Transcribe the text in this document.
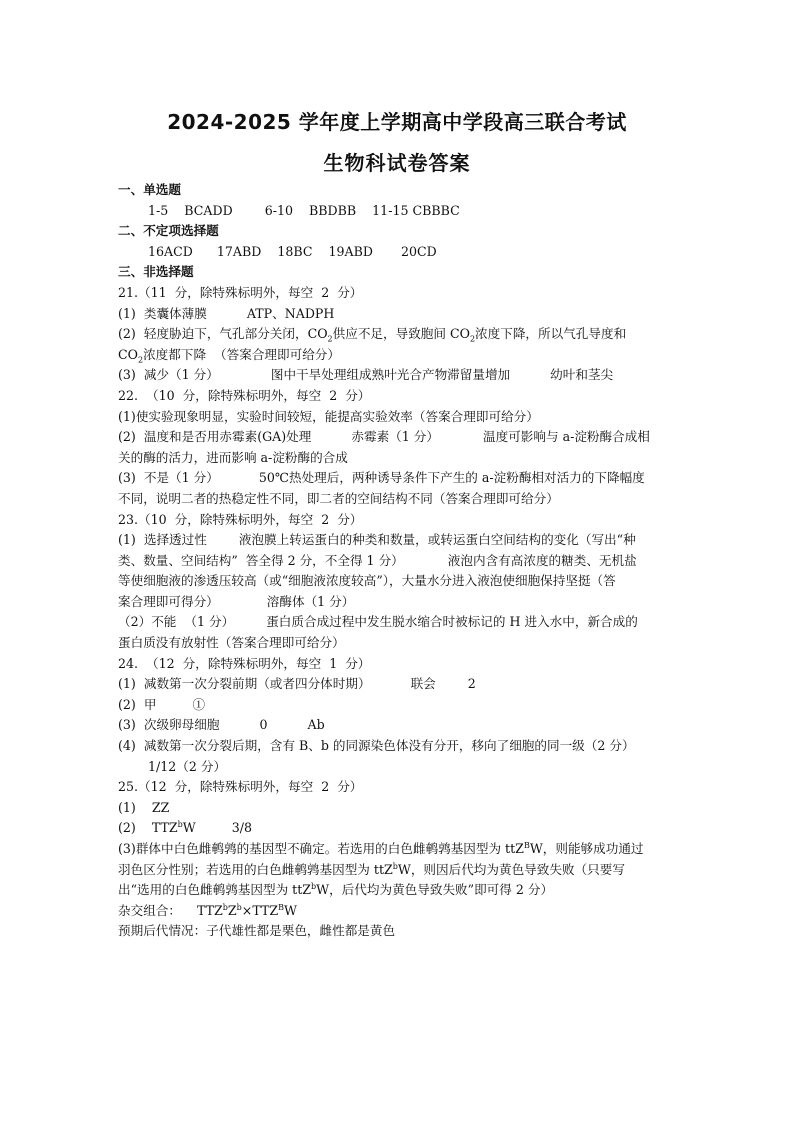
2024-2025 学年度上学期高中学段高三联合考试
生物科试卷答案
一、单选题
1-5    BCADD        6-10    BBDBB    11-15 CBBBC
二、不定项选择题
16ACD      17ABD    18BC    19ABD       20CD
三、非选择题
21.（11  分，除特殊标明外，每空  2  分）
(1)  类囊体薄膜          ATP、NADPH
(2)  轻度胁迫下，气孔部分关闭，$CO_2$供应不足，导致胞间 $CO_2$浓度下降，所以气孔导度和
$CO_2$浓度都下降  （答案合理即可给分）
(3)  减少（1 分）             图中干旱处理组成熟叶光合产物滞留量增加          幼叶和茎尖
22.  （10  分，除特殊标明外，每空  2  分）
(1)使实验现象明显，实验时间较短，能提高实验效率（答案合理即可给分）
(2)  温度和是否用赤霉素(GA)处理          赤霉素（1 分）           温度可影响与 a-淀粉酶合成相
关的酶的活力，进而影响 a-淀粉酶的合成
(3)  不是（1 分）          50℃热处理后，两种诱导条件下产生的 a-淀粉酶相对活力的下降幅度
不同，说明二者的热稳定性不同，即二者的空间结构不同（答案合理即可给分）
23.（10  分，除特殊标明外，每空  2  分）
(1)  选择透过性        液泡膜上转运蛋白的种类和数量，或转运蛋白空间结构的变化（写出“种
类、数量、空间结构”  答全得 2 分，不全得 1 分）           液泡内含有高浓度的糖类、无机盐
等使细胞液的渗透压较高（或“细胞液浓度较高”），大量水分进入液泡使细胞保持坚挺（答
案合理即可得分）            溶酶体（1 分）
（2）不能  （1 分）        蛋白质合成过程中发生脱水缩合时被标记的 H 进入水中，新合成的
蛋白质没有放射性（答案合理即可给分）
24.  （12  分，除特殊标明外，每空  1  分）
(1)  减数第一次分裂前期（或者四分体时期）          联会        2
(2)  甲         ①
(3)  次级卵母细胞          0          Ab
(4)  减数第一次分裂后期，含有 B、b 的同源染色体没有分开，移向了细胞的同一级（2 分）
1/12（2 分）
25.（12  分，除特殊标明外，每空  2  分）
(1)    ZZ
(2)    TTZ$^b$W         3/8
(3)群体中白色雌鹌鹑的基因型不确定。若选用的白色雌鹌鹑基因型为 ttZ$^B$W，则能够成功通过
羽色区分性别；若选用的白色雌鹌鹑基因型为 ttZ$^b$W，则因后代均为黄色导致失败（只要写
出“选用的白色雌鹌鹑基因型为 ttZ$^b$W，后代均为黄色导致失败”即可得 2 分）
杂交组合：    $TTZ^bZ^b\times TTZ^BW$
预期后代情况：子代雄性都是栗色，雌性都是黄色
